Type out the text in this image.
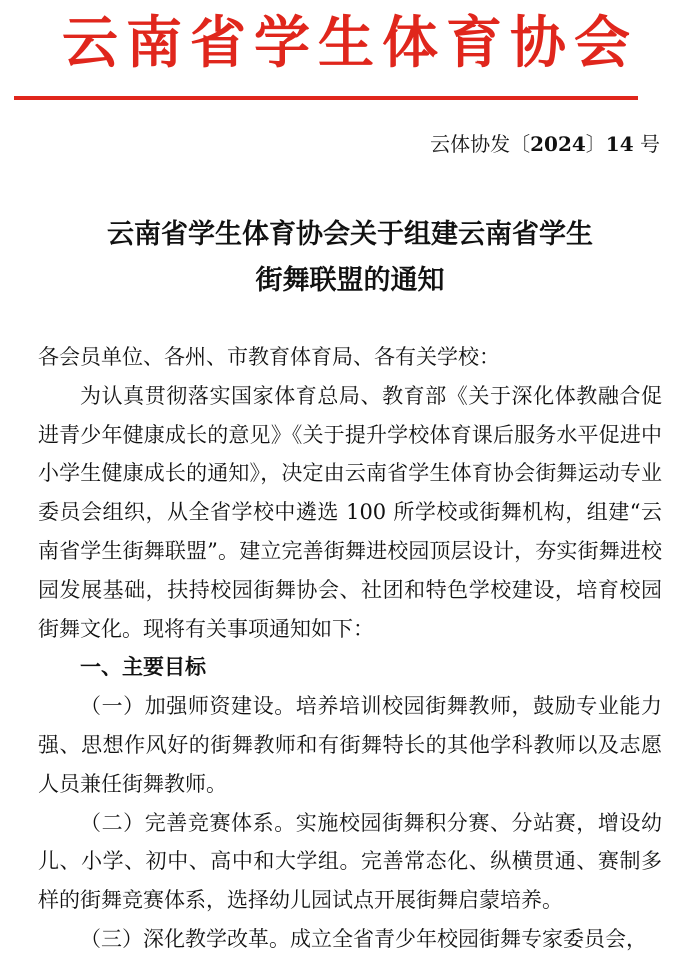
云南省学生体育协会
云体协发〔2024〕14 号
云南省学生体育协会关于组建云南省学生
街舞联盟的通知

各会员单位、各州、市教育体育局、各有关学校：

为认真贯彻落实国家体育总局、教育部《关于深化体教融合促进青少年健康成长的意见》《关于提升学校体育课后服务水平促进中小学生健康成长的通知》，决定由云南省学生体育协会街舞运动专业委员会组织，从全省学校中遴选 100 所学校或街舞机构，组建“云南省学生街舞联盟”。建立完善街舞进校园顶层设计，夯实街舞进校园发展基础，扶持校园街舞协会、社团和特色学校建设，培育校园街舞文化。现将有关事项通知如下：

一、主要目标

（一）加强师资建设。培养培训校园街舞教师，鼓励专业能力强、思想作风好的街舞教师和有街舞特长的其他学科教师以及志愿人员兼任街舞教师。

（二）完善竞赛体系。实施校园街舞积分赛、分站赛，增设幼儿、小学、初中、高中和大学组。完善常态化、纵横贯通、赛制多样的街舞竞赛体系，选择幼儿园试点开展街舞启蒙培养。

（三）深化教学改革。成立全省青少年校园街舞专家委员会，
